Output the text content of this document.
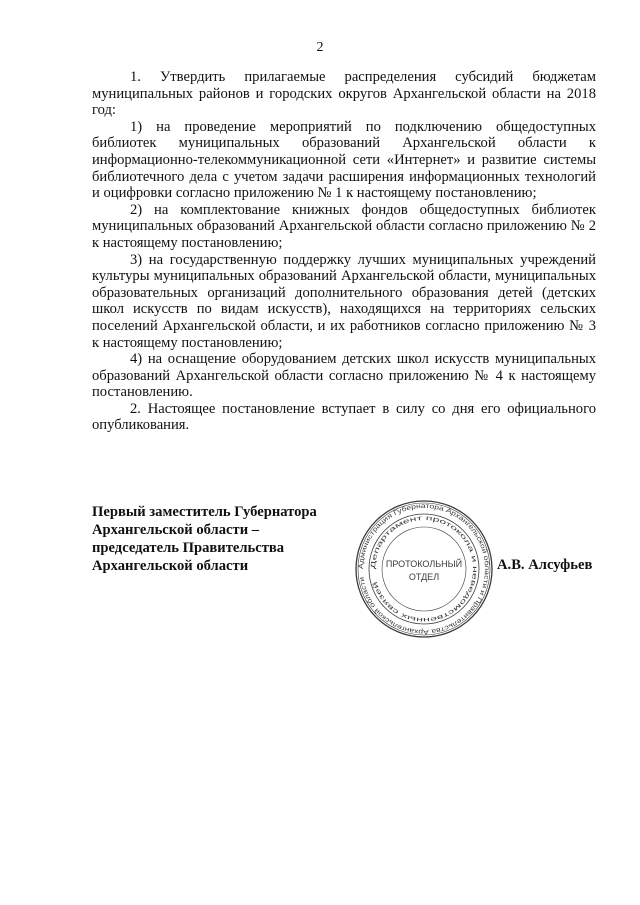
2

1. Утвердить прилагаемые распределения субсидий бюджетам муниципальных районов и городских округов Архангельской области на 2018 год:

1) на проведение мероприятий по подключению общедоступных библиотек муниципальных образований Архангельской области к информационно-телекоммуникационной сети «Интернет» и развитие системы библиотечного дела с учетом задачи расширения информационных технологий и оцифровки согласно приложению № 1 к настоящему постановлению;

2) на комплектование книжных фондов общедоступных библиотек муниципальных образований Архангельской области согласно приложению № 2 к настоящему постановлению;

3) на государственную поддержку лучших муниципальных учреждений культуры муниципальных образований Архангельской области, муниципальных образовательных организаций дополнительного образования детей (детских школ искусств по видам искусств), находящихся на территориях сельских поселений Архангельской области, и их работников согласно приложению № 3 к настоящему постановлению;

4) на оснащение оборудованием детских школ искусств муниципальных образований Архангельской области согласно приложению № 4 к настоящему постановлению.

2. Настоящее постановление вступает в силу со дня его официального опубликования.

Первый заместитель Губернатора
Архангельской области –
председатель Правительства
Архангельской области	Администрация Губернатора Архангельской области и Правительства Архангельской области
Департамент протокола и неведомственных связей
ПРОТОКОЛЬНЫЙ
ОТДЕЛ
А.В. Алсуфьев
